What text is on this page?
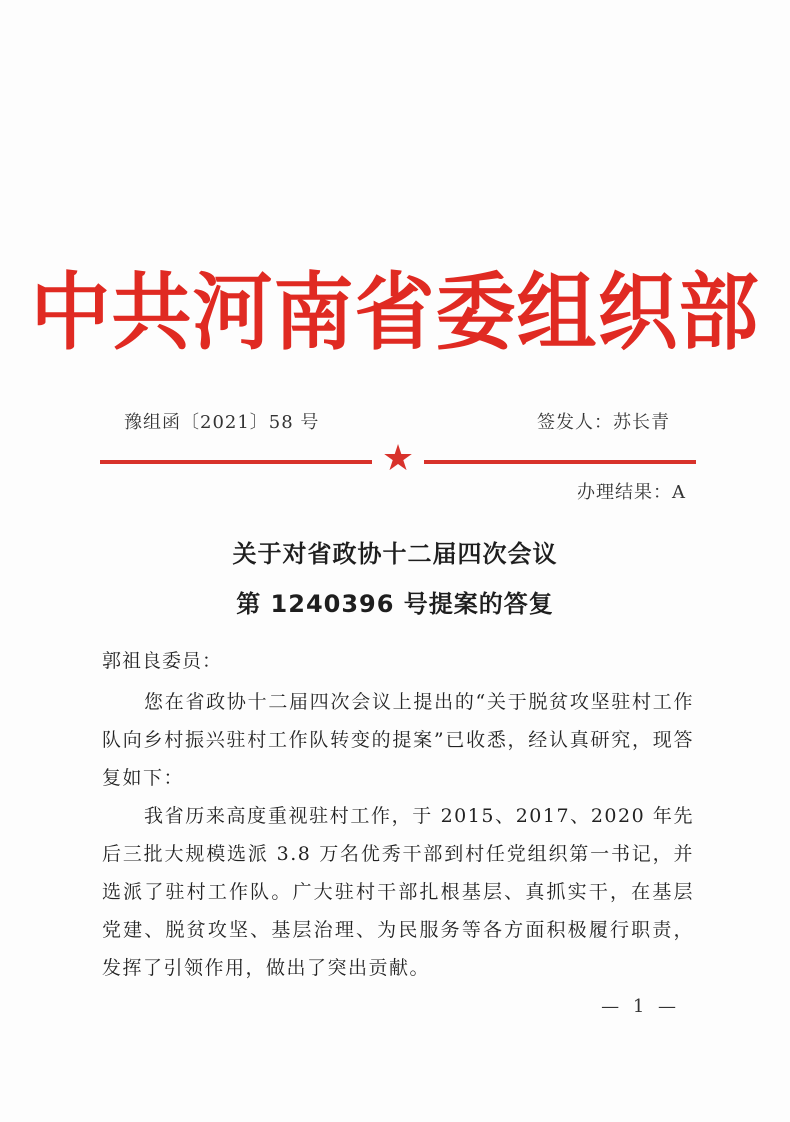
中共河南省委组织部
豫组函〔2021〕58 号	签发人：苏长青
★
办理结果：A
关于对省政协十二届四次会议
第 1240396 号提案的答复
郭祖良委员：

您在省政协十二届四次会议上提出的“关于脱贫攻坚驻村工作队向乡村振兴驻村工作队转变的提案”已收悉，经认真研究，现答复如下：

我省历来高度重视驻村工作，于 2015、2017、2020 年先后三批大规模选派 3.8 万名优秀干部到村任党组织第一书记，并选派了驻村工作队。广大驻村干部扎根基层、真抓实干，在基层党建、脱贫攻坚、基层治理、为民服务等各方面积极履行职责，发挥了引领作用，做出了突出贡献。

— 1 —
